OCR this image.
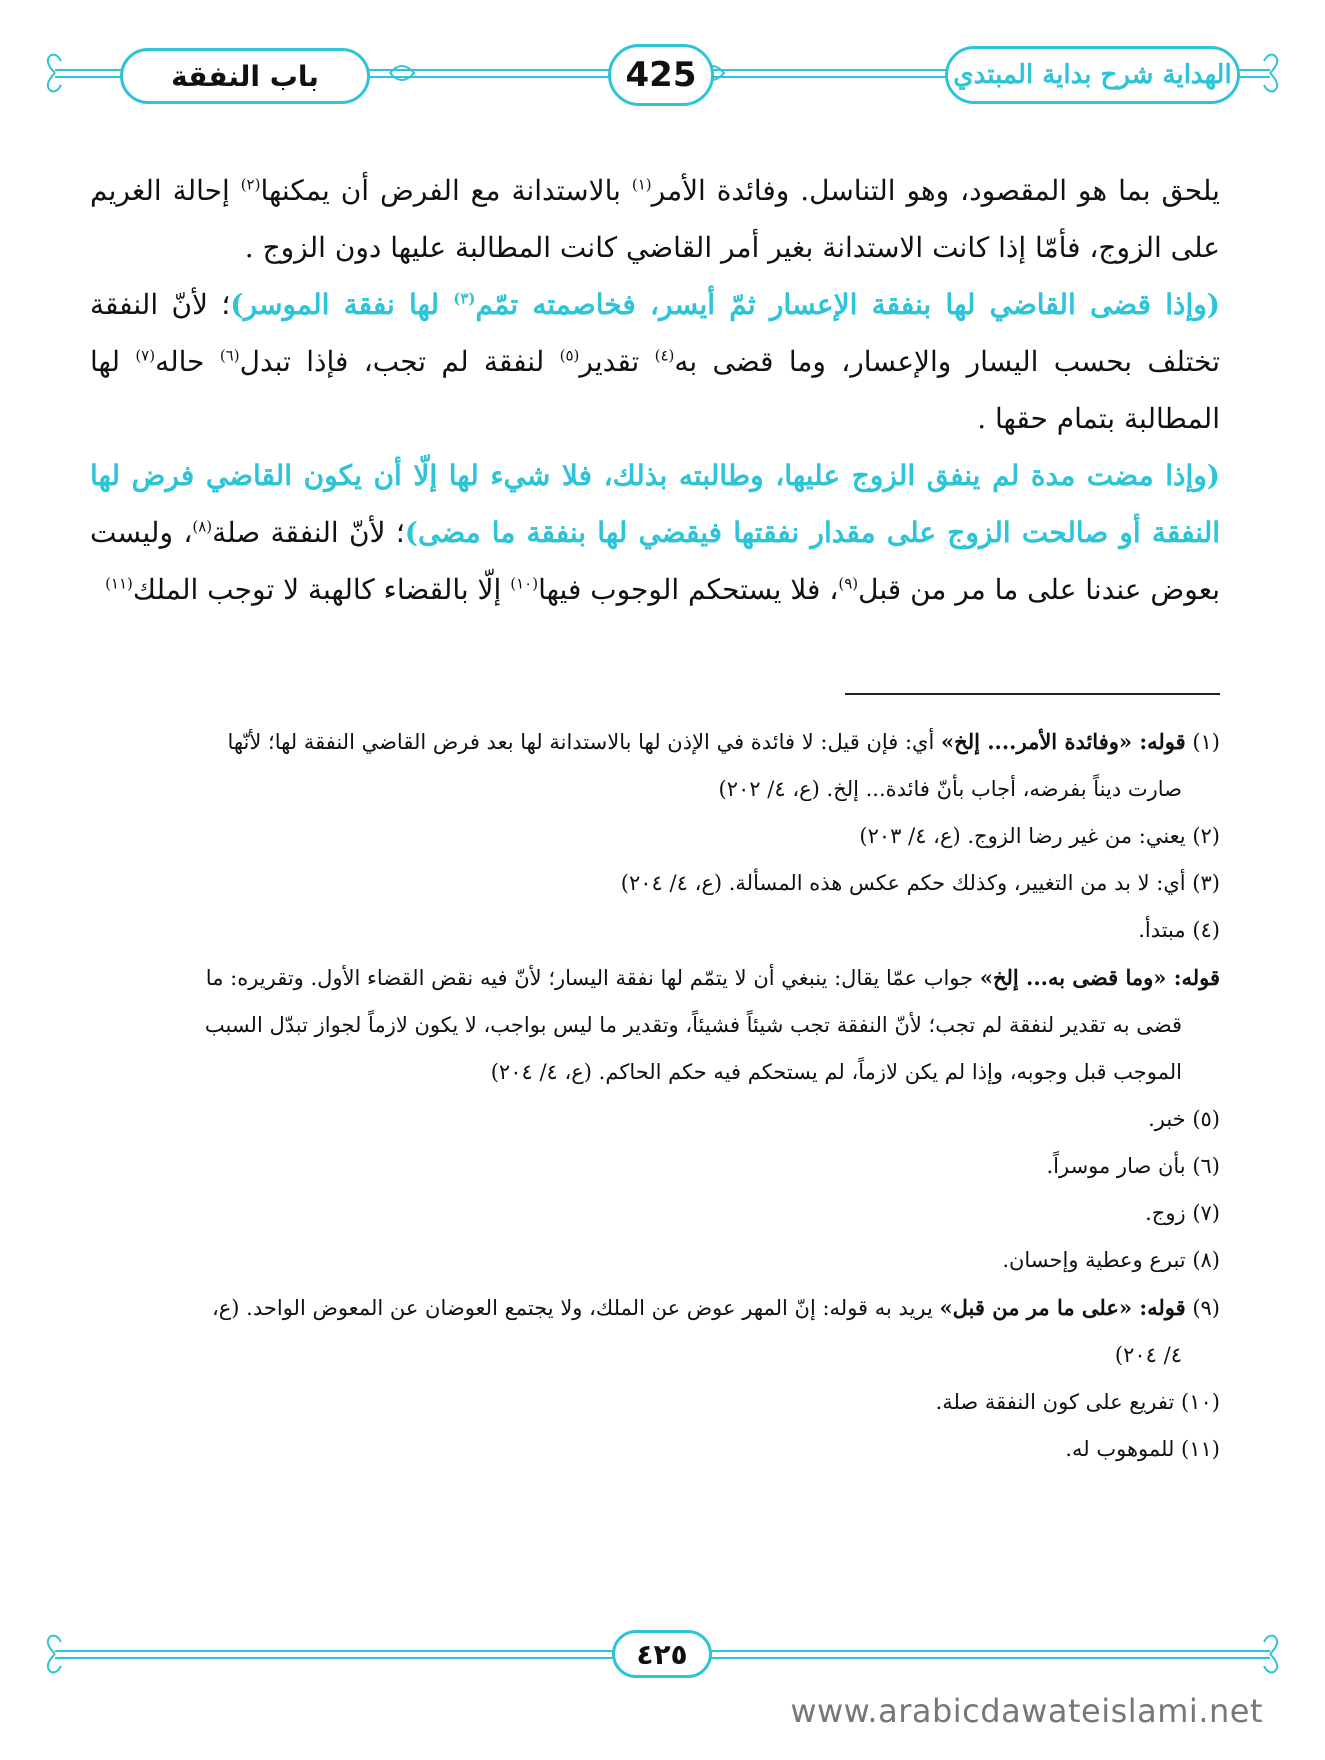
باب النفقة	425	الهداية شرح بداية المبتدي

يلحق بما هو المقصود، وهو التناسل. وفائدة الأمر$^{(١)}$ بالاستدانة مع الفرض أن يمكنها$^{(٢)}$ إحالة الغريم على الزوج، فأمّا إذا كانت الاستدانة بغير أمر القاضي كانت المطالبة عليها دون الزوج .

(وإذا قضى القاضي لها بنفقة الإعسار ثمّ أيسر، فخاصمته تمّم$^{(٣)}$ لها نفقة الموسر)؛ لأنّ النفقة تختلف بحسب اليسار والإعسار، وما قضى به$^{(٤)}$ تقدير$^{(٥)}$ لنفقة لم تجب، فإذا تبدل$^{(٦)}$ حاله$^{(٧)}$ لها المطالبة بتمام حقها .

(وإذا مضت مدة لم ينفق الزوج عليها، وطالبته بذلك، فلا شيء لها إلّا أن يكون القاضي فرض لها النفقة أو صالحت الزوج على مقدار نفقتها فيقضي لها بنفقة ما مضى)؛ لأنّ النفقة صلة$^{(٨)}$، وليست بعوض عندنا على ما مر من قبل$^{(٩)}$، فلا يستحكم الوجوب فيها$^{(١٠)}$ إلّا بالقضاء كالهبة لا توجب الملك$^{(١١)}$

(١) قوله: «وفائدة الأمر.... إلخ» أي: فإن قيل: لا فائدة في الإذن لها بالاستدانة لها بعد فرض القاضي النفقة لها؛ لأنّها

صارت ديناً بفرضه، أجاب بأنّ فائدة... إلخ. (ع، ٤/ ٢٠٢)

(٢) يعني: من غير رضا الزوج. (ع، ٤/ ٢٠٣)

(٣) أي: لا بد من التغيير، وكذلك حكم عكس هذه المسألة. (ع، ٤/ ٢٠٤)

(٤) مبتدأ.

قوله: «وما قضى به... إلخ» جواب عمّا يقال: ينبغي أن لا يتمّم لها نفقة اليسار؛ لأنّ فيه نقض القضاء الأول. وتقريره: ما

قضى به تقدير لنفقة لم تجب؛ لأنّ النفقة تجب شيئاً فشيئاً، وتقدير ما ليس بواجب، لا يكون لازماً لجواز تبدّل السبب

الموجب قبل وجوبه، وإذا لم يكن لازماً، لم يستحكم فيه حكم الحاكم. (ع، ٤/ ٢٠٤)

(٥) خبر.

(٦) بأن صار موسراً.

(٧) زوج.

(٨) تبرع وعطية وإحسان.

(٩) قوله: «على ما مر من قبل» يريد به قوله: إنّ المهر عوض عن الملك، ولا يجتمع العوضان عن المعوض الواحد. (ع،

٤/ ٢٠٤)

(١٠) تفريع على كون النفقة صلة.

(١١) للموهوب له.

٤٢٥
www.arabicdawateislami.net
